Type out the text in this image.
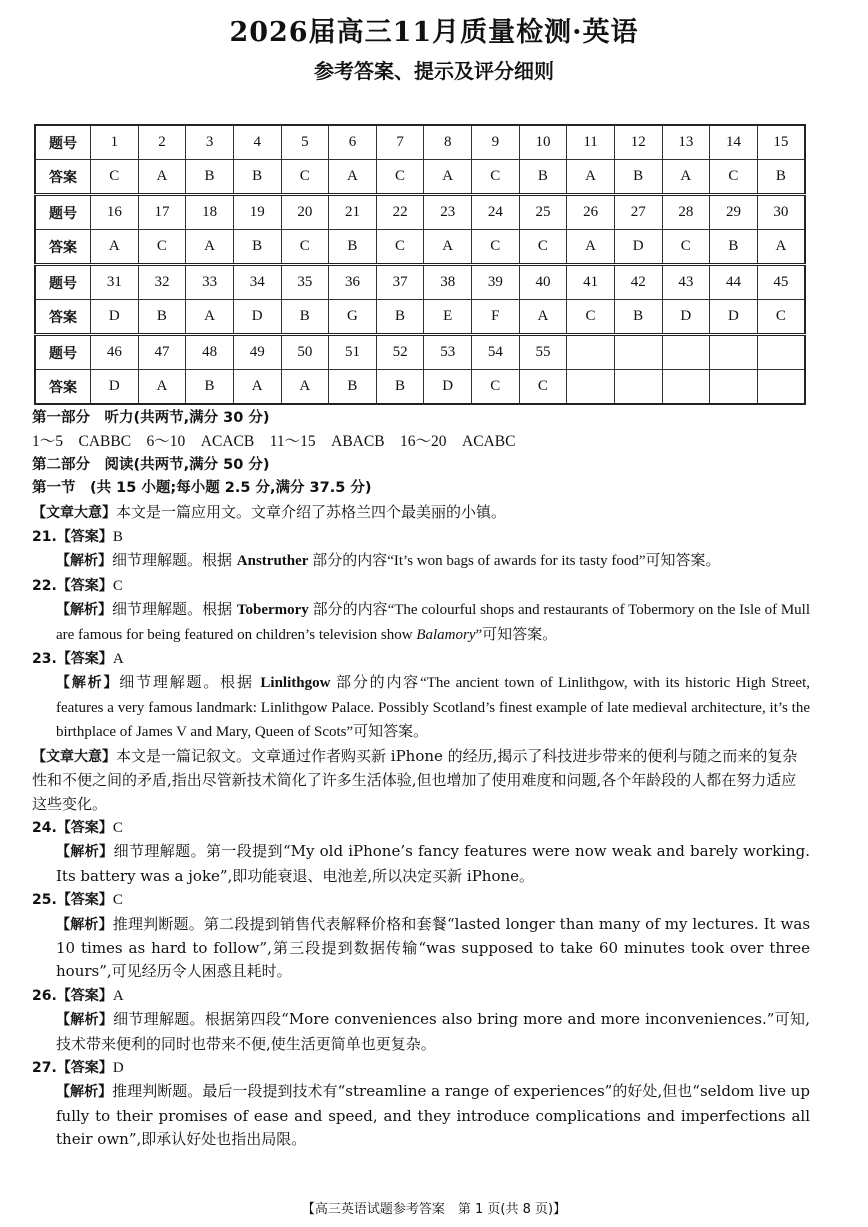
2026届高三11月质量检测·英语
参考答案、提示及评分细则
题号	1	2	3	4	5	6	7	8	9	10	11	12	13	14	15
答案	C	A	B	B	C	A	C	A	C	B	A	B	A	C	B
题号	16	17	18	19	20	21	22	23	24	25	26	27	28	29	30
答案	A	C	A	B	C	B	C	A	C	C	A	D	C	B	A
题号	31	32	33	34	35	36	37	38	39	40	41	42	43	44	45
答案	D	B	A	D	B	G	B	E	F	A	C	B	D	D	C
题号	46	47	48	49	50	51	52	53	54	55					
答案	D	A	B	A	A	B	B	D	C	C					

第一部分　听力(共两节,满分 30 分)

1～5　CABBC　6～10　ACACB　11～15　ABACB　16～20　ACABC

第二部分　阅读(共两节,满分 50 分)

第一节　(共 15 小题;每小题 2.5 分,满分 37.5 分)

【文章大意】本文是一篇应用文。文章介绍了苏格兰四个最美丽的小镇。

21.【答案】B

【解析】细节理解题。根据 Anstruther 部分的内容“It’s won bags of awards for its tasty food”可知答案。

22.【答案】C

【解析】细节理解题。根据 Tobermory 部分的内容“The colourful shops and restaurants of Tobermory on the Isle of Mull are famous for being featured on children’s television show Balamory”可知答案。

23.【答案】A

【解析】细节理解题。根据 Linlithgow 部分的内容“The ancient town of Linlithgow, with its historic High Street, features a very famous landmark: Linlithgow Palace. Possibly Scotland’s finest example of late medieval architecture, it’s the birthplace of James V and Mary, Queen of Scots”可知答案。

【文章大意】本文是一篇记叙文。文章通过作者购买新 iPhone 的经历,揭示了科技进步带来的便利与随之而来的复杂性和不便之间的矛盾,指出尽管新技术简化了许多生活体验,但也增加了使用难度和问题,各个年龄段的人都在努力适应这些变化。

24.【答案】C

【解析】细节理解题。第一段提到“My old iPhone’s fancy features were now weak and barely working. Its battery was a joke”,即功能衰退、电池差,所以决定买新 iPhone。

25.【答案】C

【解析】推理判断题。第二段提到销售代表解释价格和套餐“lasted longer than many of my lectures. It was 10 times as hard to follow”,第三段提到数据传输“was supposed to take 60 minutes took over three hours”,可见经历令人困惑且耗时。

26.【答案】A

【解析】细节理解题。根据第四段“More conveniences also bring more and more inconveniences.”可知,技术带来便利的同时也带来不便,使生活更简单也更复杂。

27.【答案】D

【解析】推理判断题。最后一段提到技术有“streamline a range of experiences”的好处,但也“seldom live up fully to their promises of ease and speed, and they introduce complications and imperfections all their own”,即承认好处也指出局限。

【高三英语试题参考答案　第 1 页(共 8 页)】
